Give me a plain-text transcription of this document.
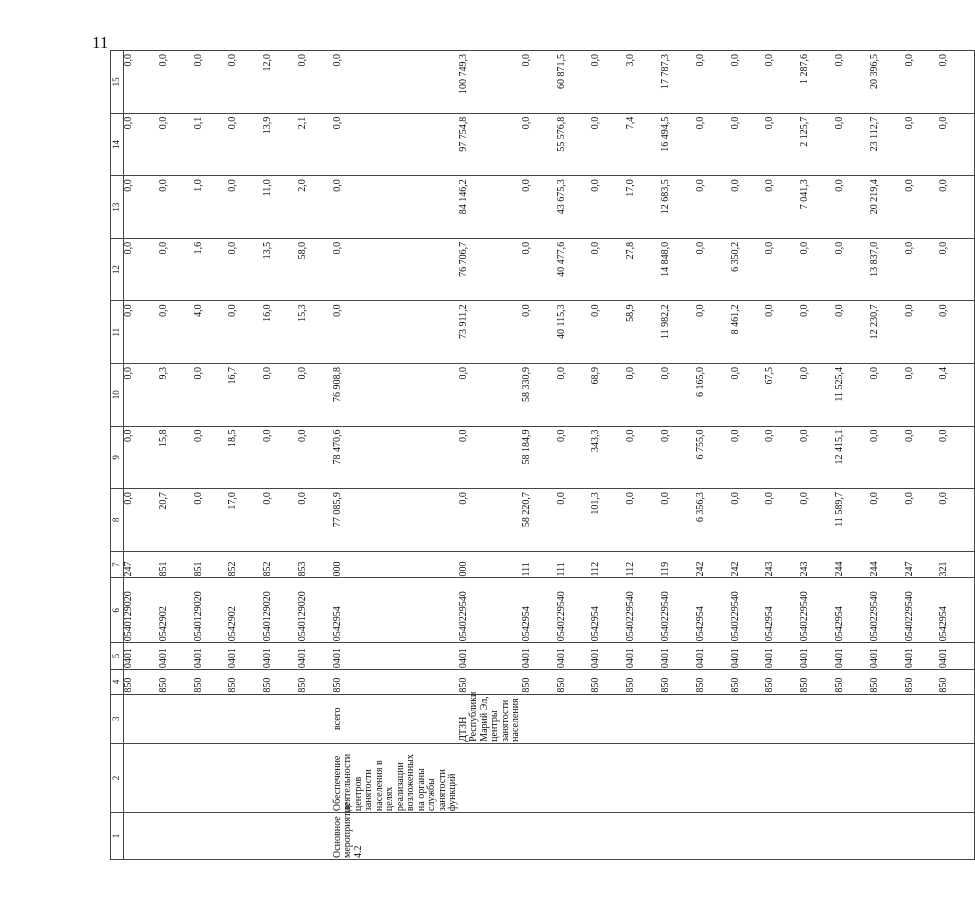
11
1	2	3	4	5	6	7	8	9	10	11	12	13	14	15
			850	0401	0540129020	247	0,0	0,0	0,0	0,0	0,0	0,0	0,0	0,0
			850	0401	0542902	851	20,7	15,8	9,3	0,0	0,0	0,0	0,0	0,0
			850	0401	0540129020	851	0,0	0,0	0,0	4,0	1,6	1,0	0,1	0,0
			850	0401	0542902	852	17,0	18,5	16,7	0,0	0,0	0,0	0,0	0,0
			850	0401	0540129020	852	0,0	0,0	0,0	16,0	13,5	11,0	13,9	12,0
			850	0401	0540129020	853	0,0	0,0	0,0	15,3	58,0	2,0	2,1	0,0
Основное мероприятие 4.2	Обеспечение деятельности центров занятости населения в целях реализации возложенных на органы службы занятости функций	всего	850	0401	0542954	000	77 085,9	78 470,6	76 908,8	0,0	0,0	0,0	0,0	0,0
		ДТЗН Республики Марий Эл, центры занятости населения	850	0401	0540229540	000	0,0	0,0	0,0	73 911,2	76 706,7	84 146,2	97 754,8	100 749,3
			850	0401	0542954	111	58 220,7	58 184,9	58 330,9	0,0	0,0	0,0	0,0	0,0
			850	0401	0540229540	111	0,0	0,0	0,0	40 115,3	40 477,6	43 675,3	55 576,8	60 871,5
			850	0401	0542954	112	101,3	343,3	68,9	0,0	0,0	0,0	0,0	0,0
			850	0401	0540229540	112	0,0	0,0	0,0	58,9	27,8	17,0	7,4	3,0
			850	0401	0540229540	119	0,0	0,0	0,0	11 982,2	14 848,0	12 683,5	16 494,5	17 787,3
			850	0401	0542954	242	6 356,3	6 755,0	6 165,0	0,0	0,0	0,0	0,0	0,0
			850	0401	0540229540	242	0,0	0,0	0,0	8 461,2	6 350,2	0,0	0,0	0,0
			850	0401	0542954	243	0,0	0,0	67,5	0,0	0,0	0,0	0,0	0,0
			850	0401	0540229540	243	0,0	0,0	0,0	0,0	0,0	7 041,3	2 125,7	1 287,6
			850	0401	0542954	244	11 589,7	12 415,1	11 525,4	0,0	0,0	0,0	0,0	0,0
			850	0401	0540229540	244	0,0	0,0	0,0	12 230,7	13 837,0	20 219,4	23 112,7	20 396,5
			850	0401	0540229540	247	0,0	0,0	0,0	0,0	0,0	0,0	0,0	0,0
			850	0401	0542954	321	0,0	0,0	0,4	0,0	0,0	0,0	0,0	0,0
